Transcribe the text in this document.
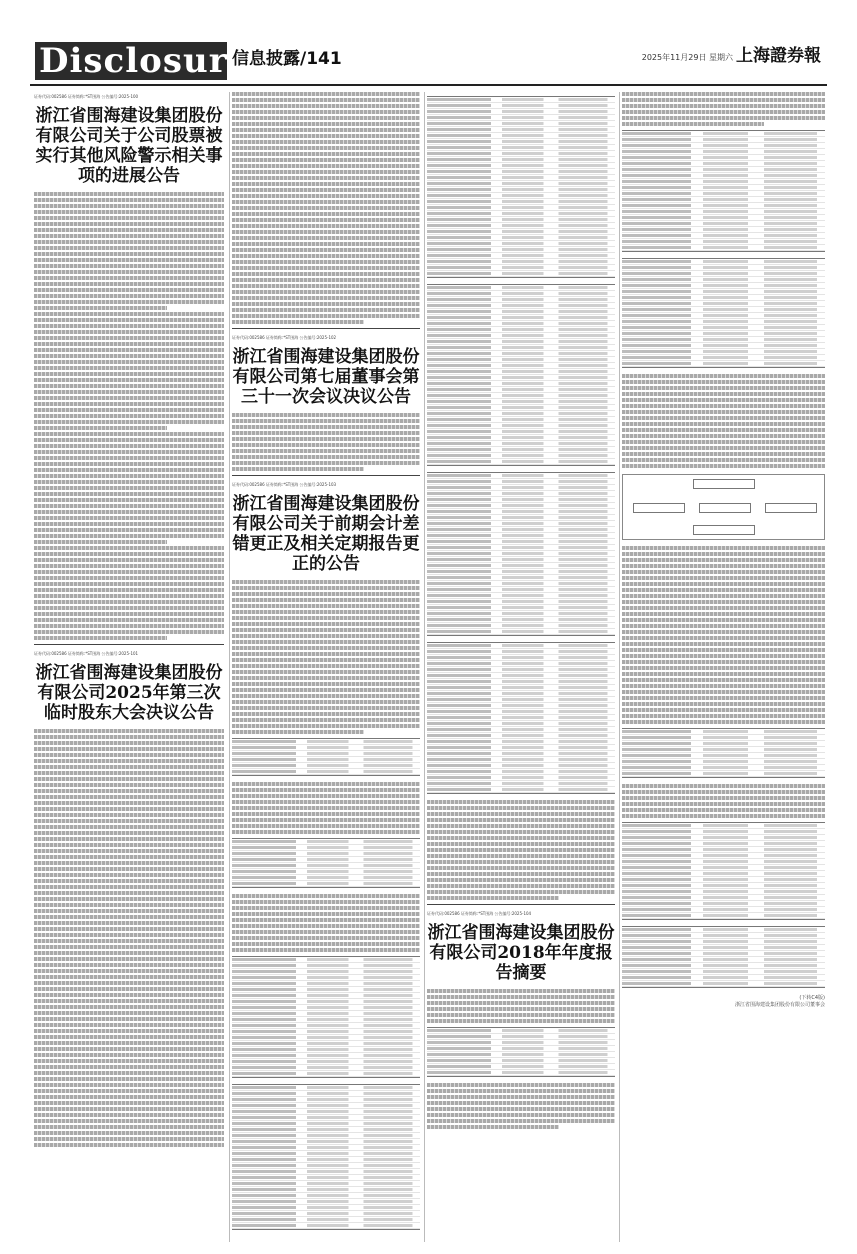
Disclosure
信息披露/141	2025年11月29日 星期六 上海證券報
证券代码:002586 证券简称:*ST围海 公告编号:2025-100
浙江省围海建设集团股份有限公司关于公司股票被实行其他风险警示相关事项的进展公告
证券代码:002586 证券简称:*ST围海 公告编号:2025-101
浙江省围海建设集团股份有限公司2025年第三次临时股东大会决议公告
证券代码:002586 证券简称:*ST围海 公告编号:2025-102
浙江省围海建设集团股份有限公司第七届董事会第三十一次会议决议公告
证券代码:002586 证券简称:*ST围海 公告编号:2025-103
浙江省围海建设集团股份有限公司关于前期会计差错更正及相关定期报告更正的公告
证券代码:002586 证券简称:*ST围海 公告编号:2025-104
浙江省围海建设集团股份有限公司2018年年度报告摘要
(下转C4版)
浙江省围海建设集团股份有限公司董事会
